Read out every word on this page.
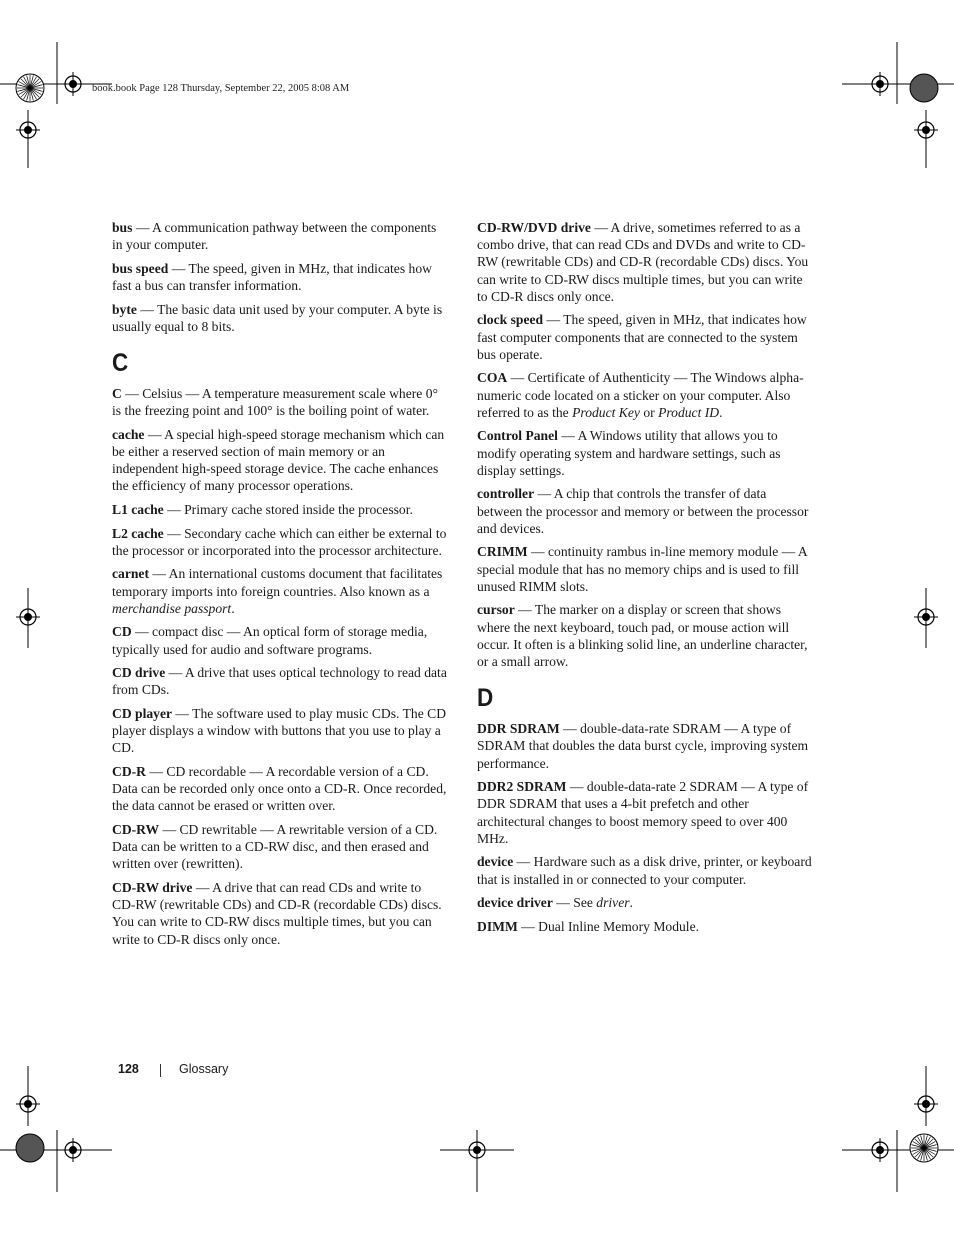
book.book Page 128 Thursday, September 22, 2005 8:08 AM
bus — A communication pathway between the components in your computer.
bus speed — The speed, given in MHz, that indicates how fast a bus can transfer information.
byte — The basic data unit used by your computer. A byte is usually equal to 8 bits.
C
C — Celsius — A temperature measurement scale where 0° is the freezing point and 100° is the boiling point of water.
cache — A special high-speed storage mechanism which can be either a reserved section of main memory or an independent high-speed storage device. The cache enhances the efficiency of many processor operations.
L1 cache — Primary cache stored inside the processor.
L2 cache — Secondary cache which can either be external to the processor or incorporated into the processor architecture.
carnet — An international customs document that facilitates temporary imports into foreign countries. Also known as a merchandise passport.
CD — compact disc — An optical form of storage media, typically used for audio and software programs.
CD drive — A drive that uses optical technology to read data from CDs.
CD player — The software used to play music CDs. The CD player displays a window with buttons that you use to play a CD.
CD-R — CD recordable — A recordable version of a CD. Data can be recorded only once onto a CD-R. Once recorded, the data cannot be erased or written over.
CD-RW — CD rewritable — A rewritable version of a CD. Data can be written to a CD-RW disc, and then erased and written over (rewritten).
CD-RW drive — A drive that can read CDs and write to CD-RW (rewritable CDs) and CD-R (recordable CDs) discs. You can write to CD-RW discs multiple times, but you can write to CD-R discs only once.
CD-RW/DVD drive — A drive, sometimes referred to as a combo drive, that can read CDs and DVDs and write to CD-RW (rewritable CDs) and CD-R (recordable CDs) discs. You can write to CD-RW discs multiple times, but you can write to CD-R discs only once.
clock speed — The speed, given in MHz, that indicates how fast computer components that are connected to the system bus operate.
COA — Certificate of Authenticity — The Windows alpha-numeric code located on a sticker on your computer. Also referred to as the Product Key or Product ID.
Control Panel — A Windows utility that allows you to modify operating system and hardware settings, such as display settings.
controller — A chip that controls the transfer of data between the processor and memory or between the processor and devices.
CRIMM — continuity rambus in-line memory module — A special module that has no memory chips and is used to fill unused RIMM slots.
cursor — The marker on a display or screen that shows where the next keyboard, touch pad, or mouse action will occur. It often is a blinking solid line, an underline character, or a small arrow.
D
DDR SDRAM — double-data-rate SDRAM — A type of SDRAM that doubles the data burst cycle, improving system performance.
DDR2 SDRAM — double-data-rate 2 SDRAM — A type of DDR SDRAM that uses a 4-bit prefetch and other architectural changes to boost memory speed to over 400 MHz.
device — Hardware such as a disk drive, printer, or keyboard that is installed in or connected to your computer.
device driver — See driver.
DIMM — Dual Inline Memory Module.
128	Glossary
